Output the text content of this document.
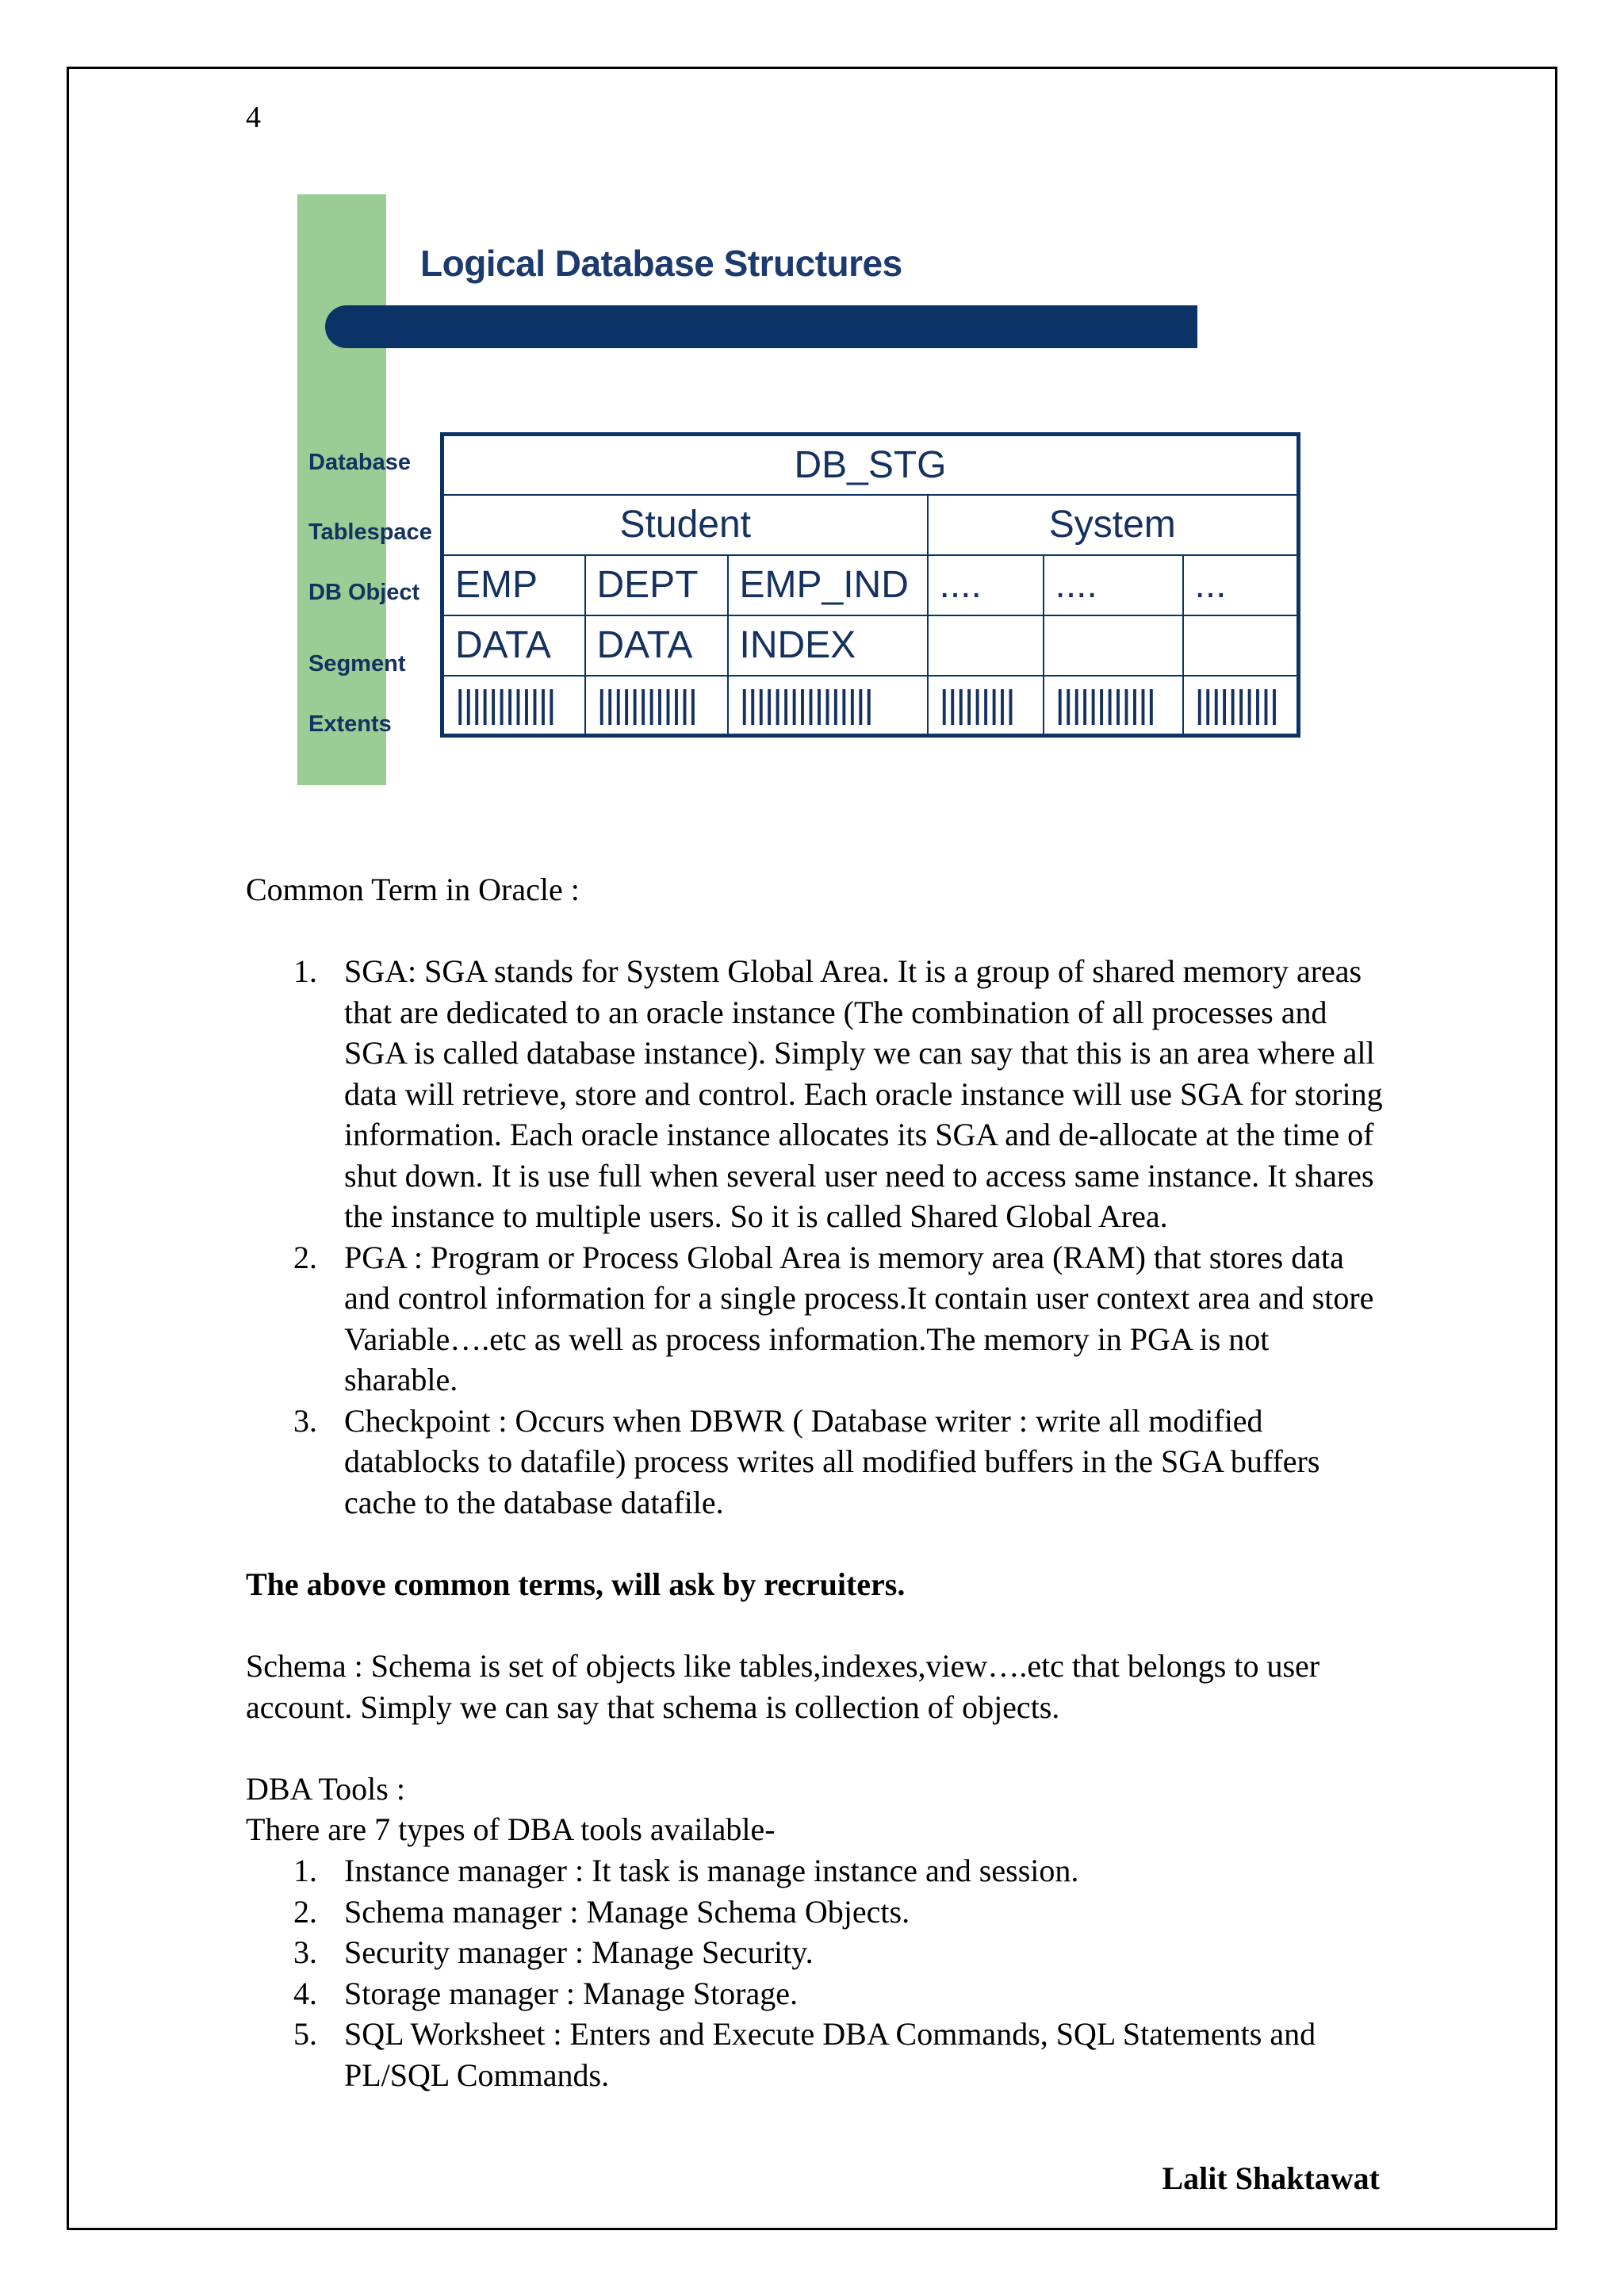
4
Logical Database Structures
Database
Tablespace
DB Object
Segment
Extents
DB_STG					
Student			System		
EMP	DEPT	EMP_IND	....	....	...
DATA	DATA	INDEX			
||||||||||||	||||||||||||	||||||||||||||||	|||||||||	||||||||||||	||||||||||
Common Term in Oracle :
1. SGA: SGA stands for System Global Area. It is a group of shared memory areas that are dedicated to an oracle instance (The combination of all processes and SGA is called database instance). Simply we can say that this is an area where all data will retrieve, store and control. Each oracle instance will use SGA for storing information. Each oracle instance allocates its SGA and de-allocate at the time of shut down. It is use full when several user need to access same instance. It shares the instance to multiple users. So it is called Shared Global Area.
2. PGA : Program or Process Global Area is memory area (RAM) that stores data and control information for a single process.It contain user context area and store Variable….etc as well as process information.The memory in PGA is not sharable.
3. Checkpoint : Occurs when DBWR ( Database writer : write all modified datablocks to datafile) process writes all modified buffers in the SGA buffers cache to the database datafile.
The above common terms, will ask by recruiters.
Schema : Schema is set of objects like tables,indexes,view….etc that belongs to user account. Simply we can say that schema is collection of objects.
DBA Tools :
There are 7 types of DBA tools available-
1. Instance manager : It task is manage instance and session.
2. Schema manager : Manage Schema Objects.
3. Security manager : Manage Security.
4. Storage manager : Manage Storage.
5. SQL Worksheet : Enters and Execute DBA Commands, SQL Statements and PL/SQL Commands.
Lalit Shaktawat
